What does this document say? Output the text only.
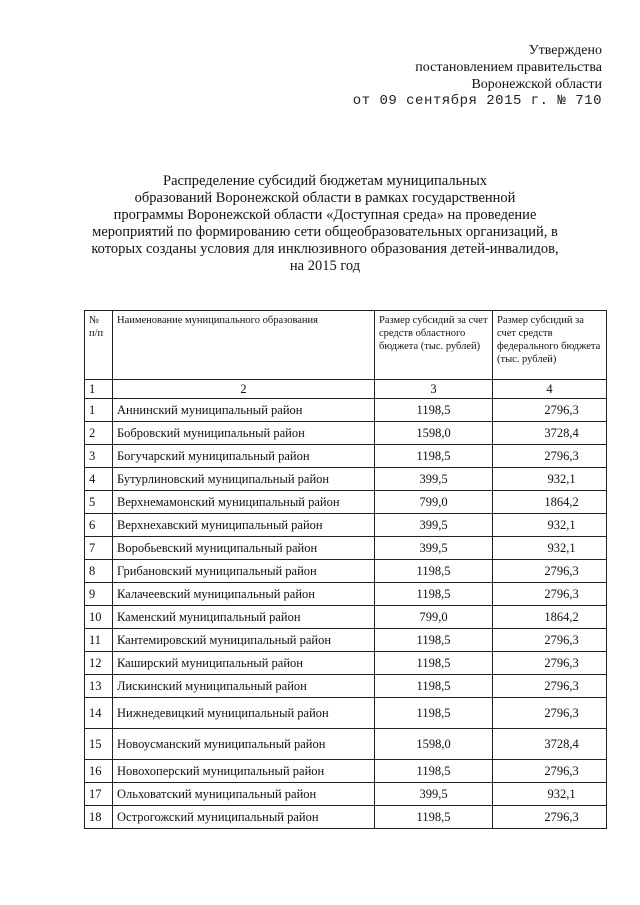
Утверждено
постановлением правительства
Воронежской области
от 09 сентября 2015 г. № 710
Распределение субсидий бюджетам муниципальных
образований Воронежской области в рамках государственной
программы Воронежской области «Доступная среда» на проведение
мероприятий по формированию сети общеобразовательных организаций, в
которых созданы условия для инклюзивного образования детей-инвалидов,
на 2015 год
№ п/п	Наименование муниципального образования	Размер субсидий за счет средств областного бюджета (тыс. рублей)	Размер субсидий за счет средств федерального бюджета (тыс. рублей)
1	2	3	4
1	Аннинский муниципальный район	1198,5	2796,3
2	Бобровский муниципальный район	1598,0	3728,4
3	Богучарский муниципальный район	1198,5	2796,3
4	Бутурлиновский муниципальный район	399,5	932,1
5	Верхнемамонский муниципальный район	799,0	1864,2
6	Верхнехавский муниципальный район	399,5	932,1
7	Воробьевский муниципальный район	399,5	932,1
8	Грибановский муниципальный район	1198,5	2796,3
9	Калачеевский муниципальный район	1198,5	2796,3
10	Каменский муниципальный район	799,0	1864,2
11	Кантемировский муниципальный район	1198,5	2796,3
12	Каширский муниципальный район	1198,5	2796,3
13	Лискинский муниципальный район	1198,5	2796,3
14	Нижнедевицкий муниципальный район	1198,5	2796,3
15	Новоусманский муниципальный район	1598,0	3728,4
16	Новохоперский муниципальный район	1198,5	2796,3
17	Ольховатский муниципальный район	399,5	932,1
18	Острогожский муниципальный район	1198,5	2796,3
